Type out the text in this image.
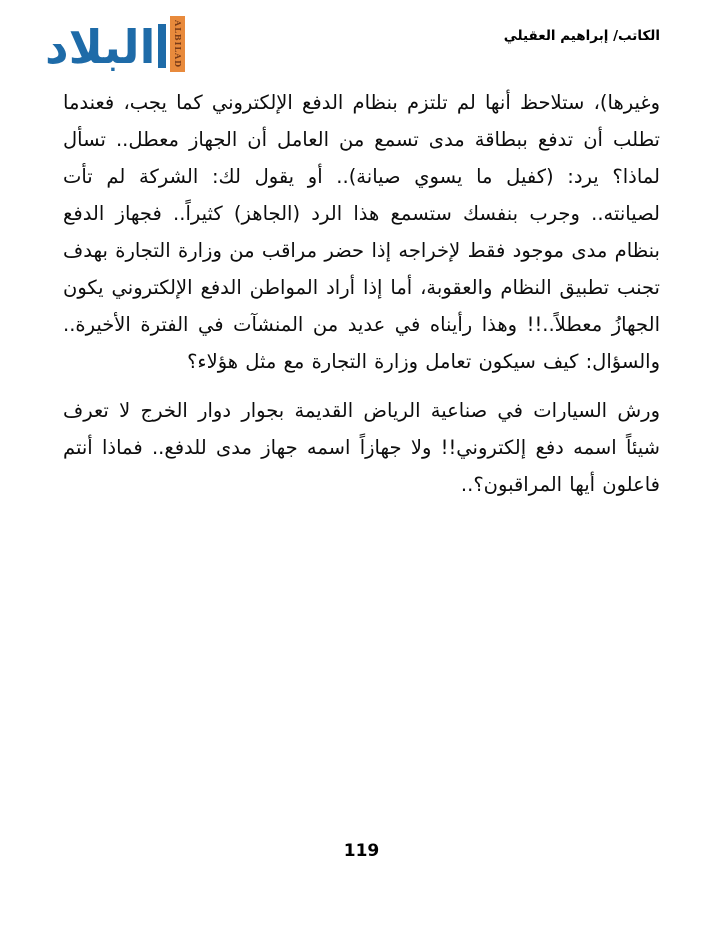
البلاد ALBILAD	الكاتب/ إبراهيم العقيلي

وغيرها)، ستلاحظ أنها لم تلتزم بنظام الدفع الإلكتروني كما يجب، فعندما تطلب أن تدفع ببطاقة مدى تسمع من العامل أن الجهاز معطل.. تسأل لماذا؟ يرد: (كفيل ما يسوي صيانة).. أو يقول لك: الشركة لم تأت لصيانته.. وجرب بنفسك ستسمع هذا الرد (الجاهز) كثيراً.. فجهاز الدفع بنظام مدى موجود فقط لإخراجه إذا حضر مراقب من وزارة التجارة بهدف تجنب تطبيق النظام والعقوبة، أما إذا أراد المواطن الدفع الإلكتروني يكون الجهازُ معطلاً..!! وهذا رأيناه في عديد من المنشآت في الفترة الأخيرة.. والسؤال: كيف سيكون تعامل وزارة التجارة مع مثل هؤلاء؟

ورش السيارات في صناعية الرياض القديمة بجوار دوار الخرج لا تعرف شيئاً اسمه دفع إلكتروني!! ولا جهازاً اسمه جهاز مدى للدفع.. فماذا أنتم فاعلون أيها المراقبون؟..

119
